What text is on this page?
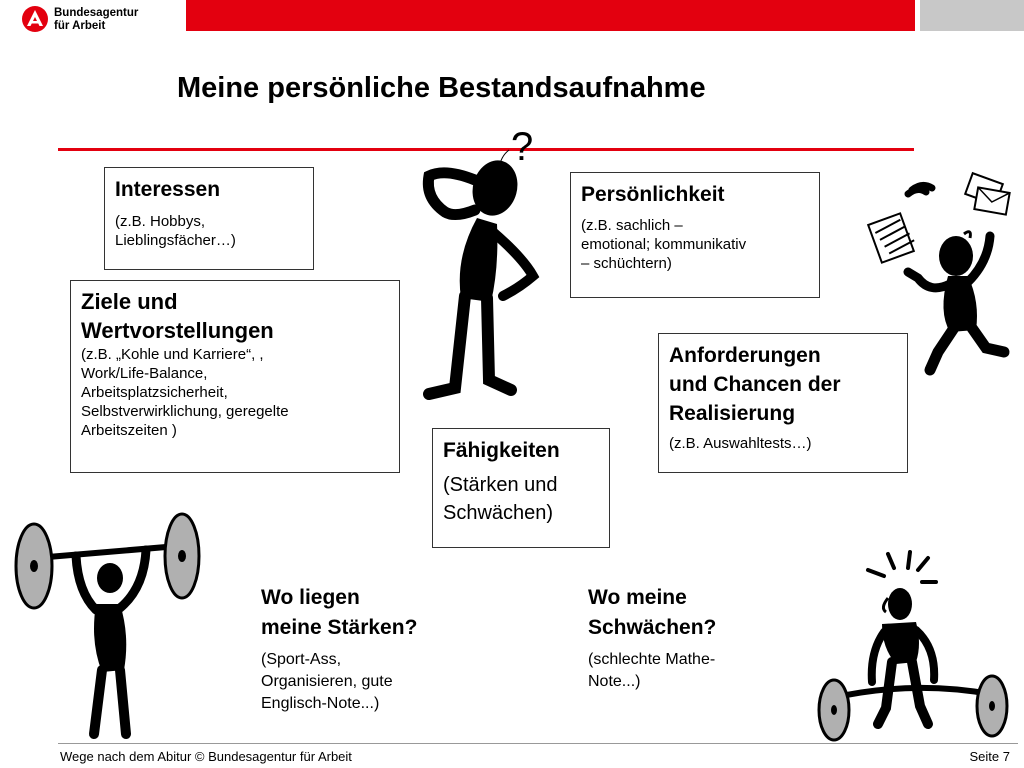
Bundesagentur
für Arbeit
Meine persönliche Bestandsaufnahme
Interessen
(z.B. Hobbys,
Lieblingsfächer…)
Ziele und
Wertvorstellungen
(z.B. „Kohle und Karriere“, ,
Work/Life-Balance,
Arbeitsplatzsicherheit,
Selbstverwirklichung, geregelte
Arbeitszeiten )
Persönlichkeit
(z.B. sachlich –
emotional; kommunikativ
– schüchtern)
Anforderungen
und Chancen der
Realisierung
(z.B. Auswahltests…)
Fähigkeiten
(Stärken und
Schwächen)
Wo liegen
meine Stärken?
(Sport-Ass,
Organisieren, gute
Englisch-Note...)
Wo meine
Schwächen?
(schlechte Mathe-
Note...)
?
Wege nach dem Abitur © Bundesagentur für Arbeit	Seite 7
